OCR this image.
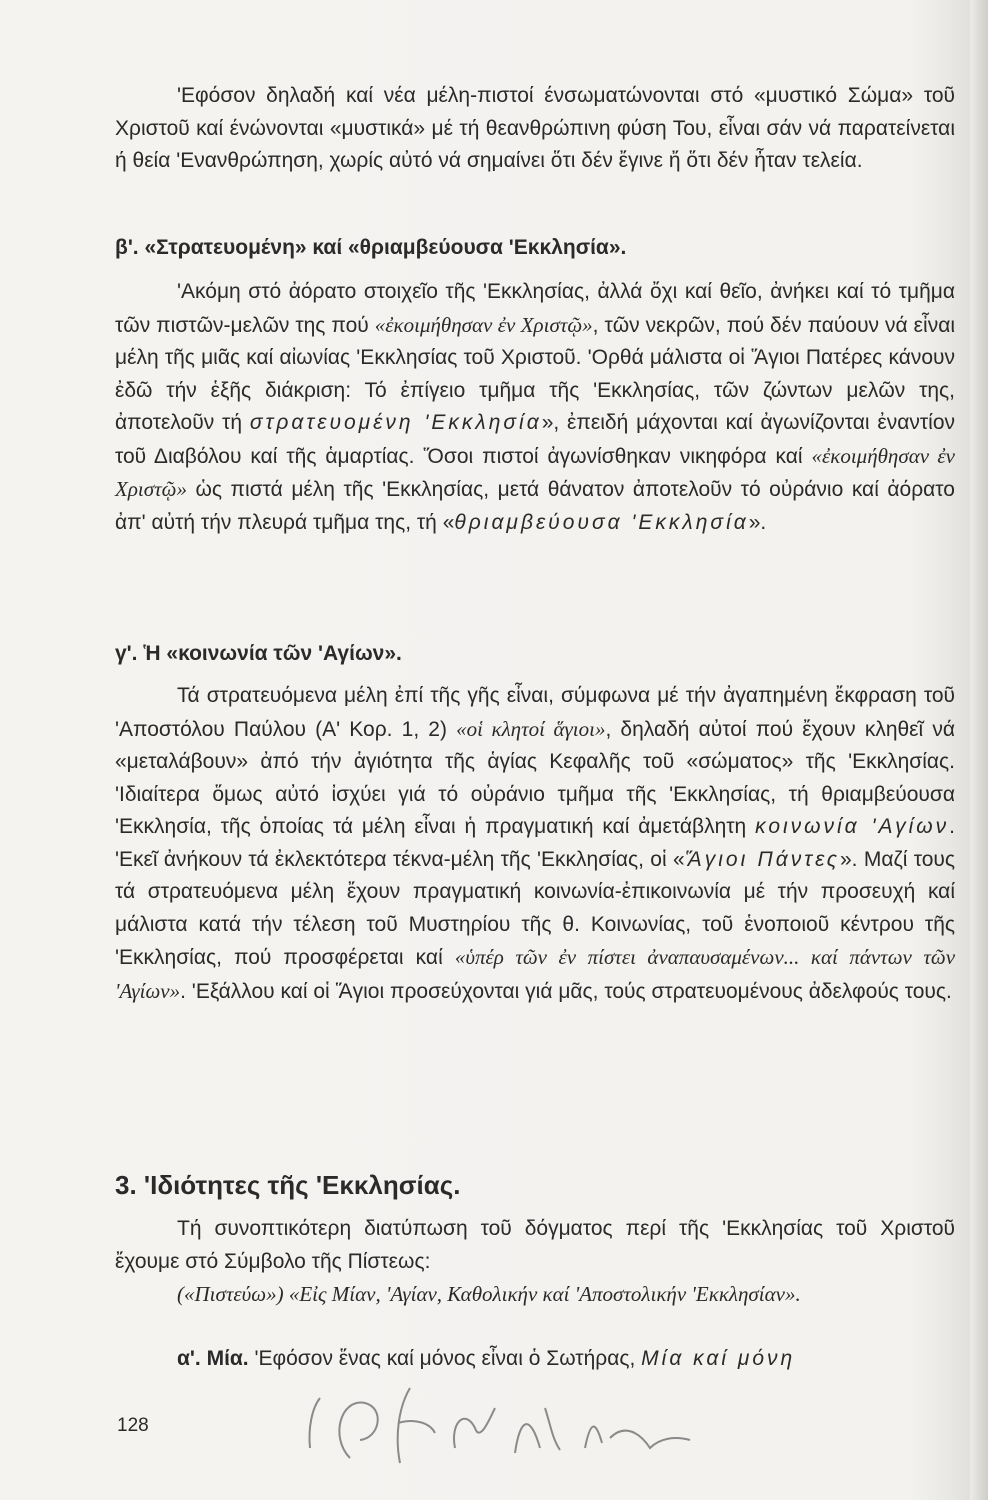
'Εφόσον δηλαδή καί νέα μέλη-πιστοί ένσωματώνονται στό «μυστικό Σώμα» τοῦ Χριστοῦ καί ένώνονται «μυστικά» μέ τή θεανθρώπινη φύση Του, εἶναι σάν νά παρατείνεται ή θεία 'Ενανθρώπηση, χωρίς αὐτό νά σημαίνει ὅτι δέν ἔγινε ἤ ὅτι δέν ἦταν τελεία.

β'. «Στρατευομένη» καί «θριαμβεύουσα 'Εκκλησία».

'Ακόμη στό ἀόρατο στοιχεῖο τῆς 'Εκκλησίας, ἀλλά ὄχι καί θεῖο, ἀνήκει καί τό τμῆμα τῶν πιστῶν-μελῶν της πού «ἐκοιμήθησαν ἐν Χριστῷ», τῶν νεκρῶν, πού δέν παύουν νά εἶναι μέλη τῆς μιᾶς καί αἰωνίας 'Εκκλησίας τοῦ Χριστοῦ. 'Ορθά μάλιστα οἱ Ἅγιοι Πατέρες κάνουν ἐδῶ τήν ἑξῆς διάκριση: Τό ἐπίγειο τμῆμα τῆς 'Εκκλησίας, τῶν ζώντων μελῶν της, ἀποτελοῦν τή στρατευομένη 'Εκκλησία», ἐπειδή μάχονται καί ἀγωνίζονται ἐναντίον τοῦ Διαβόλου καί τῆς ἁμαρτίας. Ὅσοι πιστοί ἀγωνίσθηκαν νικηφόρα καί «ἐκοιμήθησαν ἐν Χριστῷ» ὡς πιστά μέλη τῆς 'Εκκλησίας, μετά θάνατον ἀποτελοῦν τό οὐράνιο καί ἀόρατο ἀπ' αὐτή τήν πλευρά τμῆμα της, τή «θριαμβεύουσα 'Εκκλησία».

γ'. Ἡ «κοινωνία τῶν 'Αγίων».

Τά στρατευόμενα μέλη ἐπί τῆς γῆς εἶναι, σύμφωνα μέ τήν ἀγαπημένη ἔκφραση τοῦ 'Αποστόλου Παύλου (Α' Κορ. 1, 2) «οἱ κλητοί ἅγιοι», δηλαδή αὐτοί πού ἔχουν κληθεῖ νά «μεταλάβουν» ἀπό τήν ἁγιότητα τῆς ἁγίας Κεφαλῆς τοῦ «σώματος» τῆς 'Εκκλησίας. 'Ιδιαίτερα ὅμως αὐτό ἰσχύει γιά τό οὐράνιο τμῆμα τῆς 'Εκκλησίας, τή θριαμβεύουσα 'Εκκλησία, τῆς ὁποίας τά μέλη εἶναι ἡ πραγματική καί ἀμετάβλητη κοινωνία 'Αγίων. 'Εκεῖ ἀνήκουν τά ἐκλεκτότερα τέκνα-μέλη τῆς 'Εκκλησίας, οἱ «Ἅγιοι Πάντες». Μαζί τους τά στρατευόμενα μέλη ἔχουν πραγματική κοινωνία-ἐπικοινωνία μέ τήν προσευχή καί μάλιστα κατά τήν τέλεση τοῦ Μυστηρίου τῆς θ. Κοινωνίας, τοῦ ἑνοποιοῦ κέντρου τῆς 'Εκκλησίας, πού προσφέρεται καί «ὑπέρ τῶν ἐν πίστει ἀναπαυσαμένων... καί πάντων τῶν 'Αγίων». 'Εξάλλου καί οἱ Ἅγιοι προσεύχονται γιά μᾶς, τούς στρατευομένους ἀδελφούς τους.

3. 'Ιδιότητες τῆς 'Εκκλησίας.

Τή συνοπτικότερη διατύπωση τοῦ δόγματος περί τῆς 'Εκκλησίας τοῦ Χριστοῦ ἔχουμε στό Σύμβολο τῆς Πίστεως:

(«Πιστεύω») «Εἰς Μίαν, 'Αγίαν, Καθολικήν καί 'Αποστολικήν 'Εκκλησίαν».

α'. Μία. 'Εφόσον ἕνας καί μόνος εἶναι ὁ Σωτήρας, Μία καί μόνη

128
